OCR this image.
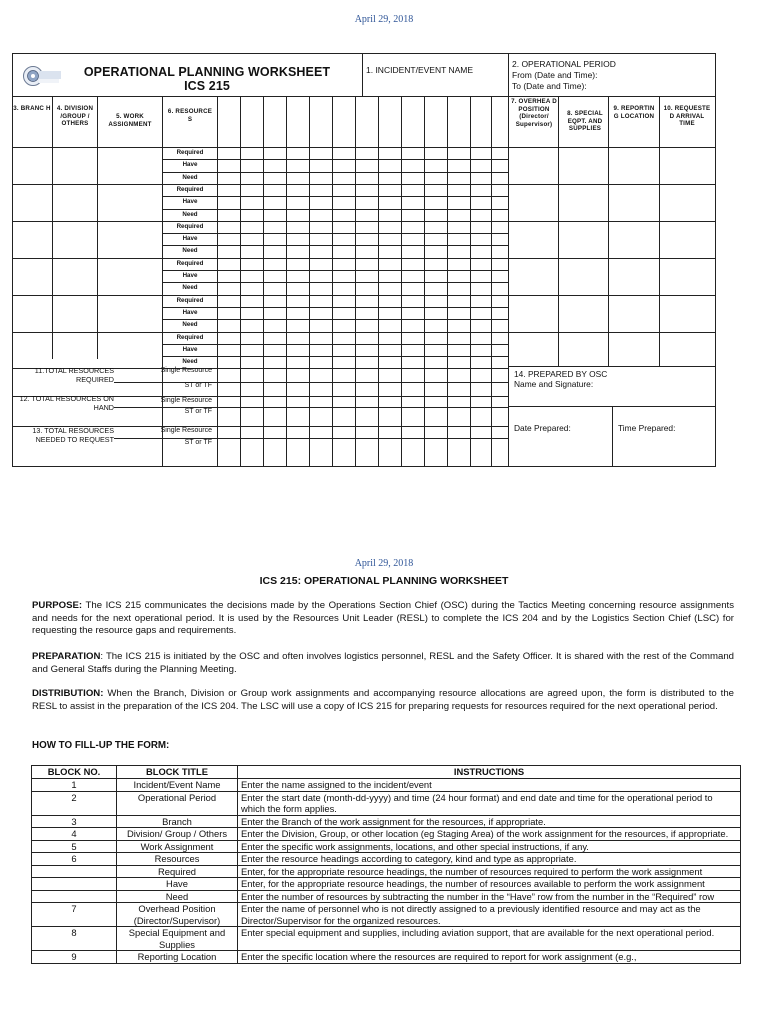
April 29, 2018
OPERATIONAL PLANNING WORKSHEET
ICS 215
1. INCIDENT/EVENT NAME
2. OPERATIONAL PERIOD
From (Date and Time):
To (Date and Time):
3. BRANC H 4. DIVISION /GROUP / OTHERS
5. WORK ASSIGNMENT
6. RESOURCE S
7. OVERHEA D POSITION (Director/ Supervisor)
8. SPECIAL EQPT. AND SUPPLIES
9. REPORTIN G LOCATION
10. REQUESTE D ARRIVAL TIME
14. PREPARED BY OSC
Name and Signature:
Date Prepared:	Time Prepared:
Required
Have
Need
Required
Have
Need
Required
Have
Need
Required
Have
Need
Required
Have
Need
Required
Have
Need
11.TOTAL RESOURCES REQUIRED
12. TOTAL RESOURCES ON HAND
13. TOTAL RESOURCES NEEDED TO REQUEST
Single Resource
ST or TF
Single Resource
ST or TF
Single Resource
ST or TF
April 29, 2018
ICS 215: OPERATIONAL PLANNING WORKSHEET
PURPOSE: The ICS 215 communicates the decisions made by the Operations Section Chief (OSC) during the Tactics Meeting concerning resource assignments and needs for the next operational period. It is used by the Resources Unit Leader (RESL) to complete the ICS 204 and by the Logistics Section Chief (LSC) for requesting the resource gaps and requirements.
PREPARATION: The ICS 215 is initiated by the OSC and often involves logistics personnel, RESL and the Safety Officer. It is shared with the rest of the Command and General Staffs during the Planning Meeting.
DISTRIBUTION: When the Branch, Division or Group work assignments and accompanying resource allocations are agreed upon, the form is distributed to the RESL to assist in the preparation of the ICS 204. The LSC will use a copy of ICS 215 for preparing requests for resources required for the next operational period.
HOW TO FILL-UP THE FORM:
BLOCK NO.	BLOCK TITLE	INSTRUCTIONS
1	Incident/Event Name	Enter the name assigned to the incident/event
2	Operational Period	Enter the start date (month-dd-yyyy) and time (24 hour format) and end date and time for the operational period to which the form applies.
3	Branch	Enter the Branch of the work assignment for the resources, if appropriate.
4	Division/ Group / Others	Enter the Division, Group, or other location (eg Staging Area) of the work assignment for the resources, if appropriate.
5	Work Assignment	Enter the specific work assignments, locations, and other special instructions, if any.
6	Resources	Enter the resource headings according to category, kind and type as appropriate.
	Required	Enter, for the appropriate resource headings, the number of resources required to perform the work assignment
	Have	Enter, for the appropriate resource headings, the number of resources available to perform the work assignment
	Need	Enter the number of resources by subtracting the number in the “Have” row from the number in the “Required” row
7	Overhead Position (Director/Supervisor)	Enter the name of personnel who is not directly assigned to a previously identified resource and may act as the Director/Supervisor for the organized resources.
8	Special Equipment and Supplies	Enter special equipment and supplies, including aviation support, that are available for the next operational period.
9	Reporting Location	Enter the specific location where the resources are required to report for work assignment (e.g.,
